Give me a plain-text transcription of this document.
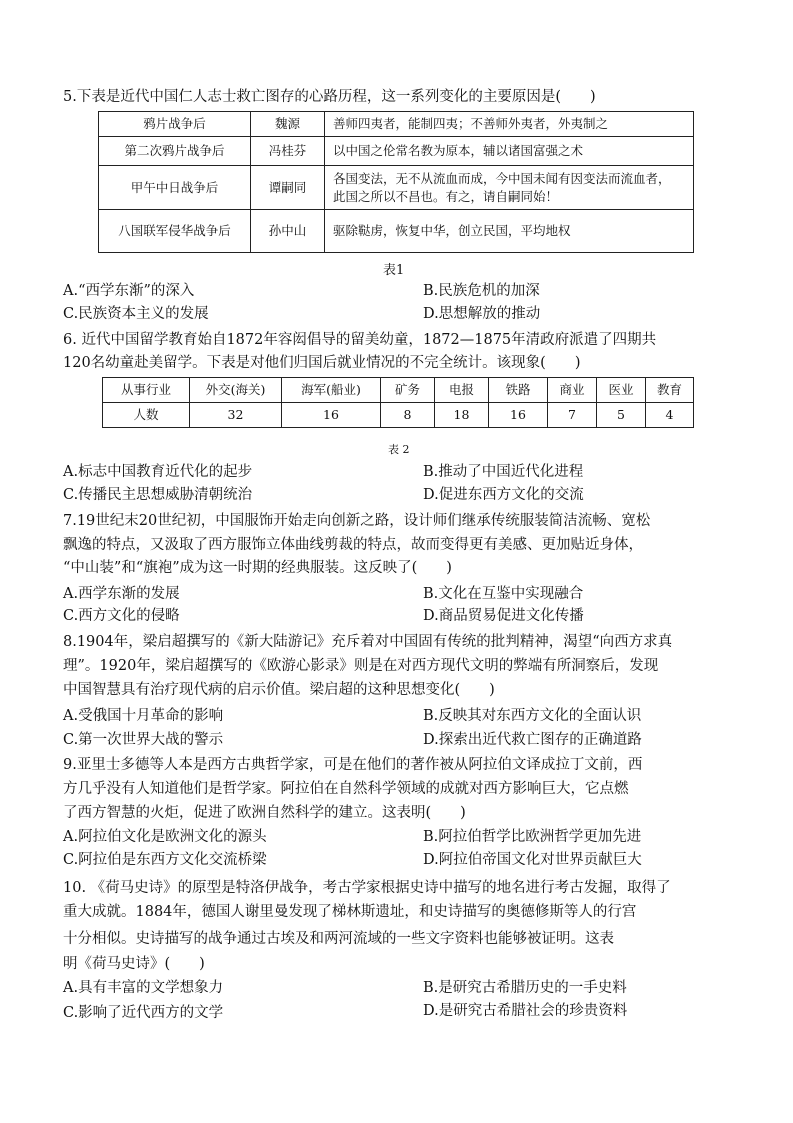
5.下表是近代中国仁人志士救亡图存的心路历程，这一系列变化的主要原因是(　　)
鸦片战争后	魏源	善师四夷者，能制四夷；不善师外夷者，外夷制之
第二次鸦片战争后	冯桂芬	以中国之伦常名教为原本，辅以诸国富强之术
甲午中日战争后	谭嗣同	各国变法，无不从流血而成，今中国未闻有因变法而流血者，
此国之所以不昌也。有之，请自嗣同始！

八国联军侵华战争后	孙中山	驱除鞑虏，恢复中华，创立民国，平均地权
表1
A.“西学东渐”的深入	B.民族危机的加深
C.民族资本主义的发展	D.思想解放的推动
6. 近代中国留学教育始自1872年容闳倡导的留美幼童，1872—1875年清政府派遣了四期共
120名幼童赴美留学。下表是对他们归国后就业情况的不完全统计。该现象(　　)
从事行业	外交(海关)	海军(船业)	矿务	电报	铁路	商业	医业	教育
人数	32	16	8	18	16	7	5	4
表 2
A.标志中国教育近代化的起步	B.推动了中国近代化进程
C.传播民主思想威胁清朝统治	D.促进东西方文化的交流
7.19世纪末20世纪初，中国服饰开始走向创新之路，设计师们继承传统服装简洁流畅、宽松
飘逸的特点，又汲取了西方服饰立体曲线剪裁的特点，故而变得更有美感、更加贴近身体，
“中山装”和“旗袍”成为这一时期的经典服装。这反映了(　　)
A.西学东渐的发展	B.文化在互鉴中实现融合
C.西方文化的侵略	D.商品贸易促进文化传播
8.1904年，梁启超撰写的《新大陆游记》充斥着对中国固有传统的批判精神，渴望“向西方求真
理”。1920年，梁启超撰写的《欧游心影录》则是在对西方现代文明的弊端有所洞察后，发现
中国智慧具有治疗现代病的启示价值。梁启超的这种思想变化(　　)
A.受俄国十月革命的影响	B.反映其对东西方文化的全面认识
C.第一次世界大战的警示	D.探索出近代救亡图存的正确道路
9.亚里士多德等人本是西方古典哲学家，可是在他们的著作被从阿拉伯文译成拉丁文前，西
方几乎没有人知道他们是哲学家。阿拉伯在自然科学领域的成就对西方影响巨大，它点燃
了西方智慧的火炬，促进了欧洲自然科学的建立。这表明(　　)
A.阿拉伯文化是欧洲文化的源头	B.阿拉伯哲学比欧洲哲学更加先进
C.阿拉伯是东西方文化交流桥梁	D.阿拉伯帝国文化对世界贡献巨大
10. 《荷马史诗》的原型是特洛伊战争，考古学家根据史诗中描写的地名进行考古发掘，取得了
重大成就。1884年，德国人谢里曼发现了梯林斯遗址，和史诗描写的奥德修斯等人的行宫
十分相似。史诗描写的战争通过古埃及和两河流域的一些文字资料也能够被证明。这表
明《荷马史诗》(　　)
A.具有丰富的文学想象力	B.是研究古希腊历史的一手史料
C.影响了近代西方的文学	D.是研究古希腊社会的珍贵资料
